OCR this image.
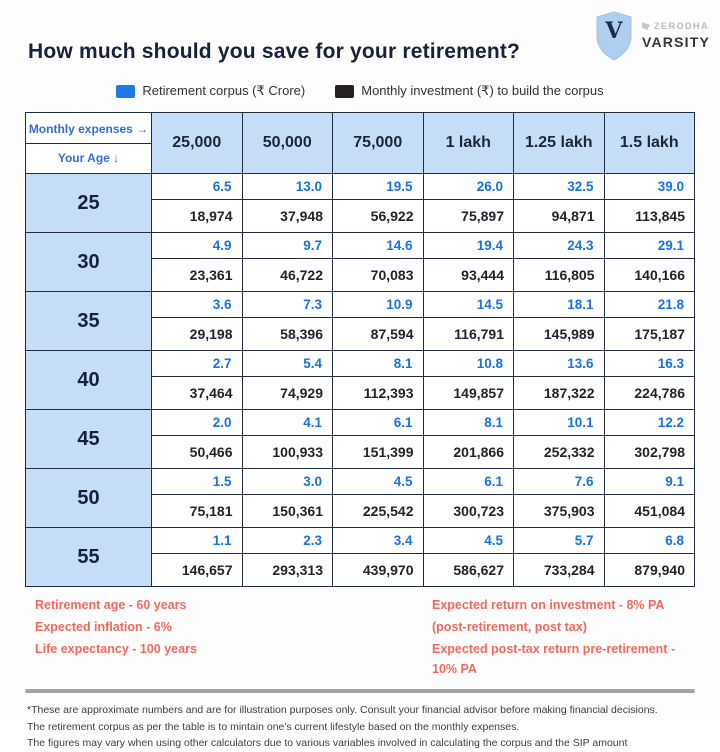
How much should you save for your retirement?
V	ZERODHA
VARSITY
Retirement corpus (₹ Crore)	Monthly investment (₹) to build the corpus
Monthly expenses →
Your Age ↓	25,000	50,000	75,000	1 lakh	1.25 lakh	1.5 lakh
25	6.5	13.0	19.5	26.0	32.5	39.0
	18,974	37,948	56,922	75,897	94,871	113,845
30	4.9	9.7	14.6	19.4	24.3	29.1
	23,361	46,722	70,083	93,444	116,805	140,166
35	3.6	7.3	10.9	14.5	18.1	21.8
	29,198	58,396	87,594	116,791	145,989	175,187
40	2.7	5.4	8.1	10.8	13.6	16.3
	37,464	74,929	112,393	149,857	187,322	224,786
45	2.0	4.1	6.1	8.1	10.1	12.2
	50,466	100,933	151,399	201,866	252,332	302,798
50	1.5	3.0	4.5	6.1	7.6	9.1
	75,181	150,361	225,542	300,723	375,903	451,084
55	1.1	2.3	3.4	4.5	5.7	6.8
	146,657	293,313	439,970	586,627	733,284	879,940
Retirement age - 60 years
Expected inflation - 6%
Life expectancy - 100 years
Expected return on investment - 8% PA
(post-retirement, post tax)
Expected post-tax return pre-retirement - 10% PA
*These are approximate numbers and are for illustration purposes only. Consult your financial advisor before making financial decisions.
The retirement corpus as per the table is to mintain one's current lifestyle based on the monthly expenses.
The figures may vary when using other calculators due to various variables involved in calculating the corpus and the SIP amount
